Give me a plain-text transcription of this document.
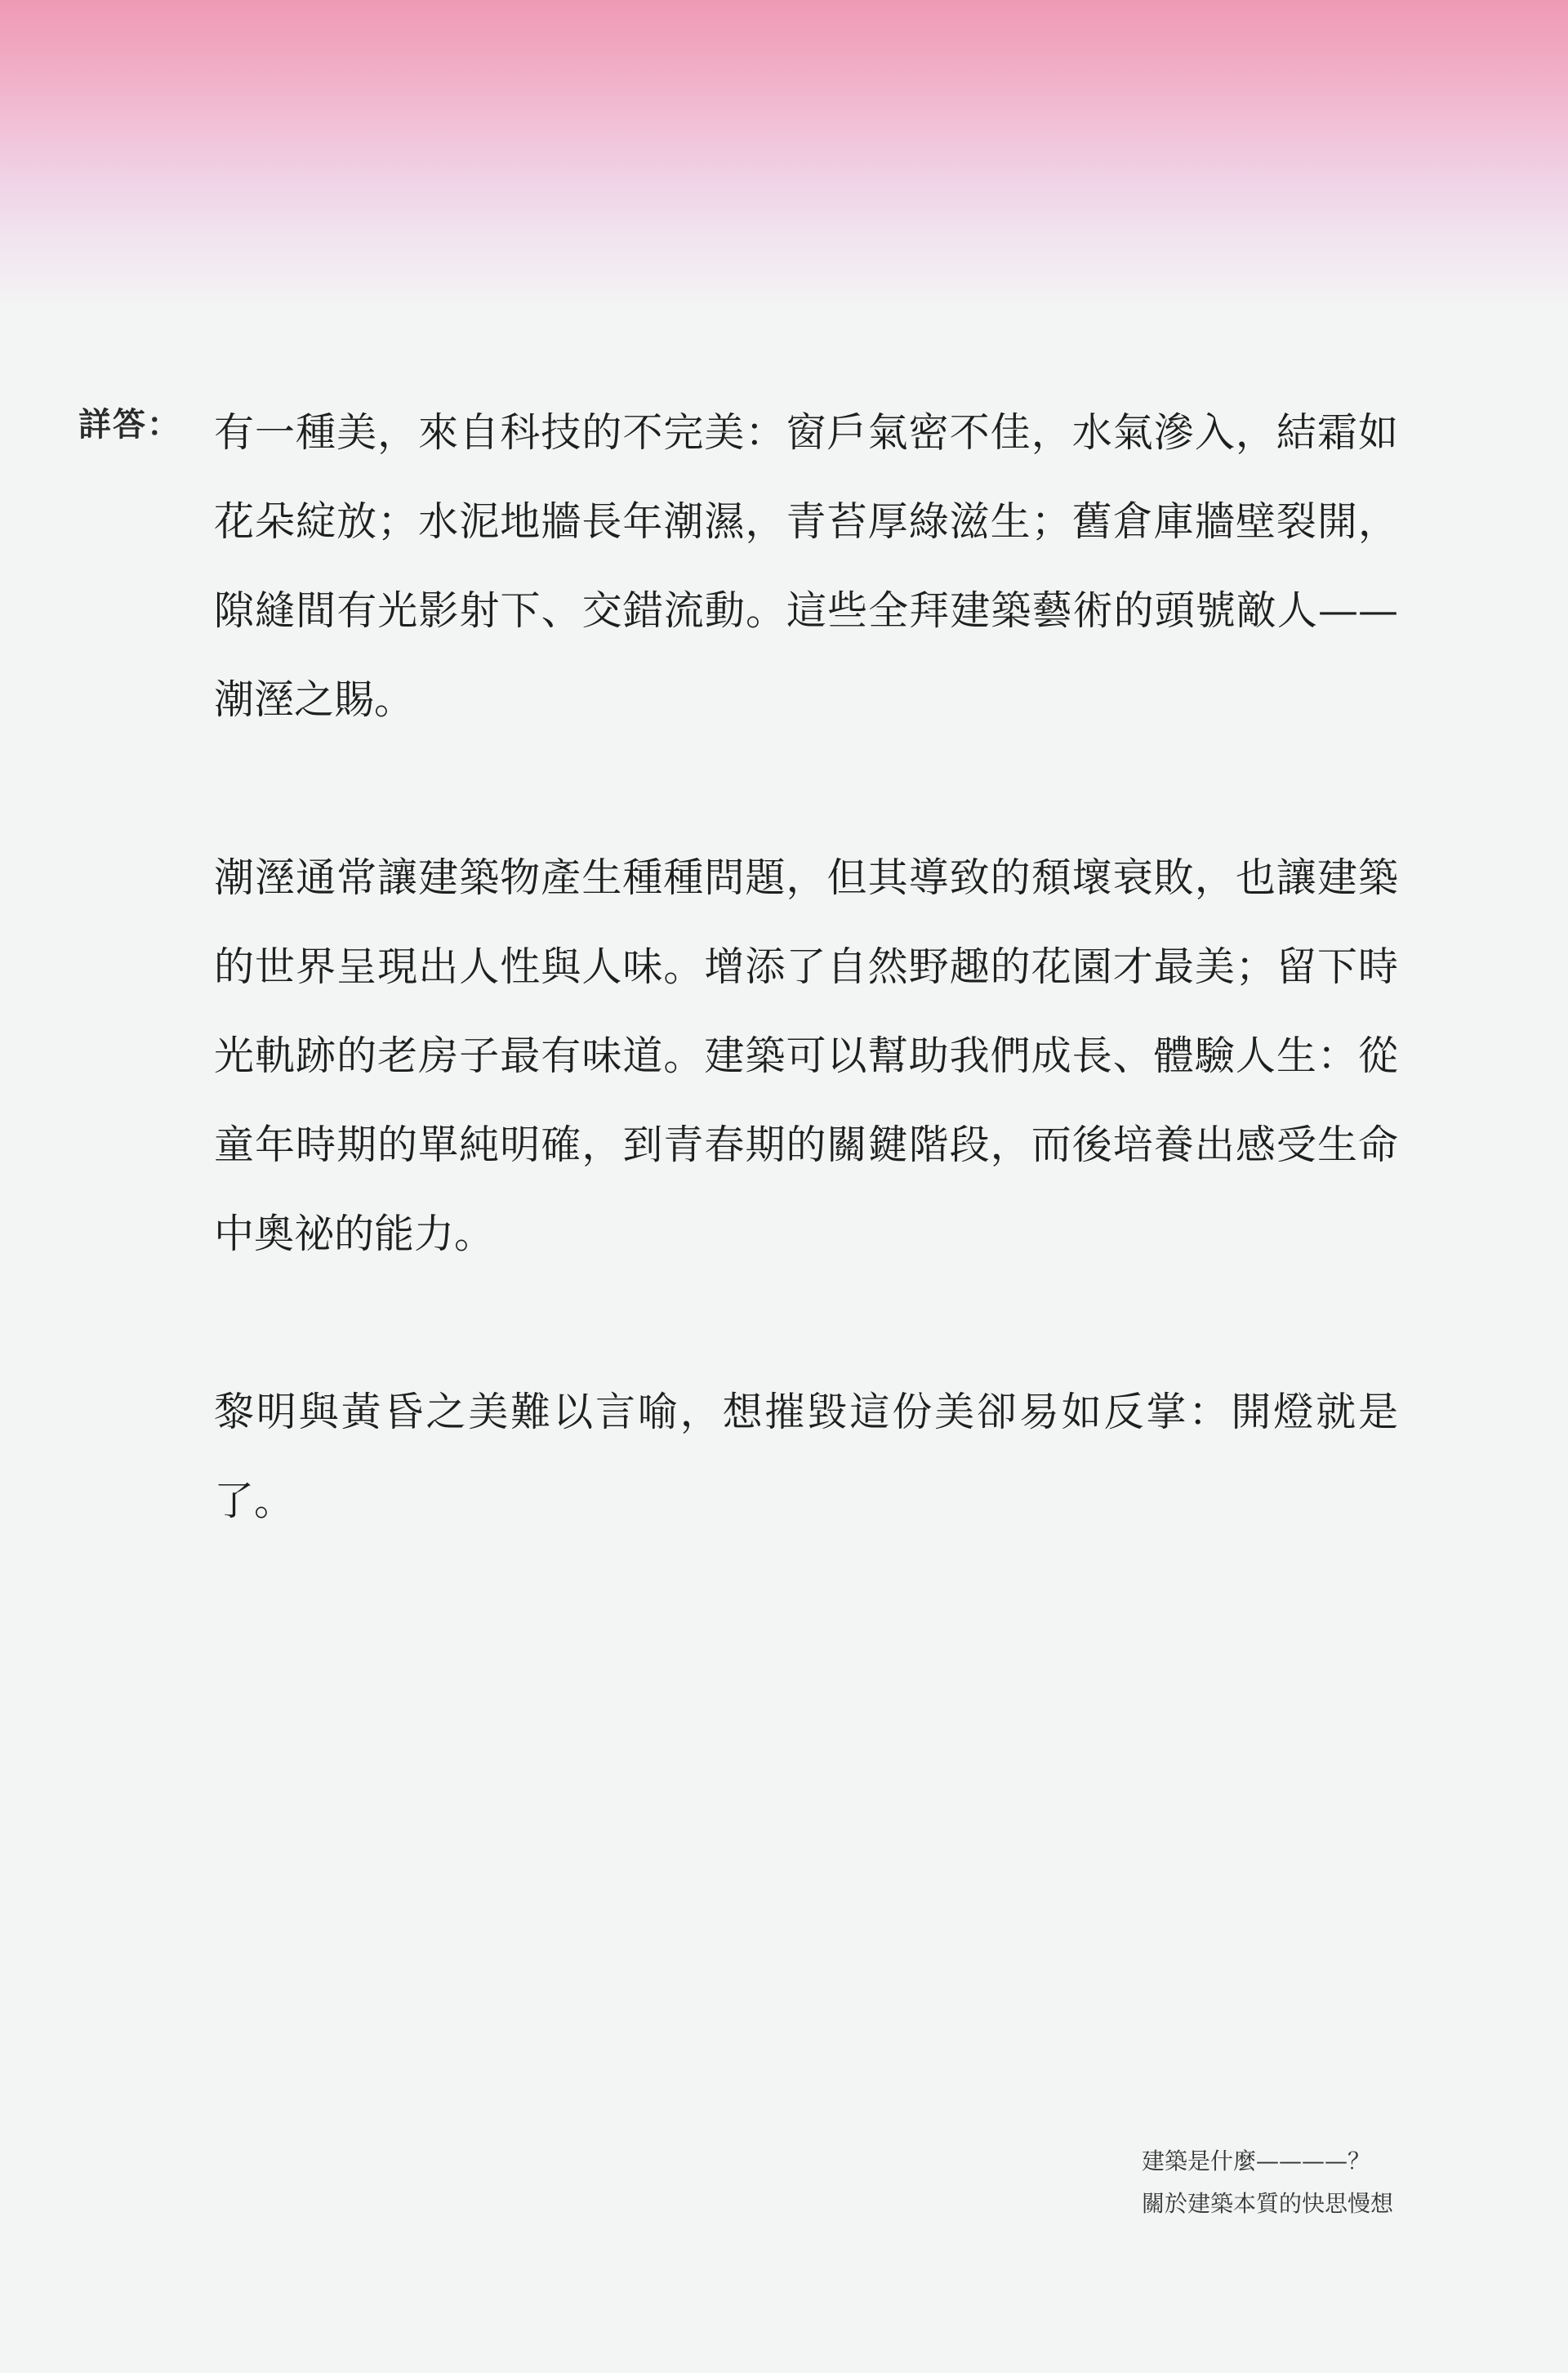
詳答： 有一種美，來自科技的不完美：窗戶氣密不佳，水氣滲入，結霜如花朵綻放；水泥地牆長年潮濕，青苔厚綠滋生；舊倉庫牆壁裂開，隙縫間有光影射下、交錯流動。這些全拜建築藝術的頭號敵人——潮溼之賜。

潮溼通常讓建築物產生種種問題，但其導致的頹壞衰敗，也讓建築的世界呈現出人性與人味。增添了自然野趣的花園才最美；留下時光軌跡的老房子最有味道。建築可以幫助我們成長、體驗人生：從童年時期的單純明確，到青春期的關鍵階段，而後培養出感受生命中奧祕的能力。

黎明與黃昏之美難以言喻，想摧毀這份美卻易如反掌：開燈就是了。

建築是什麼————？
關於建築本質的快思慢想
